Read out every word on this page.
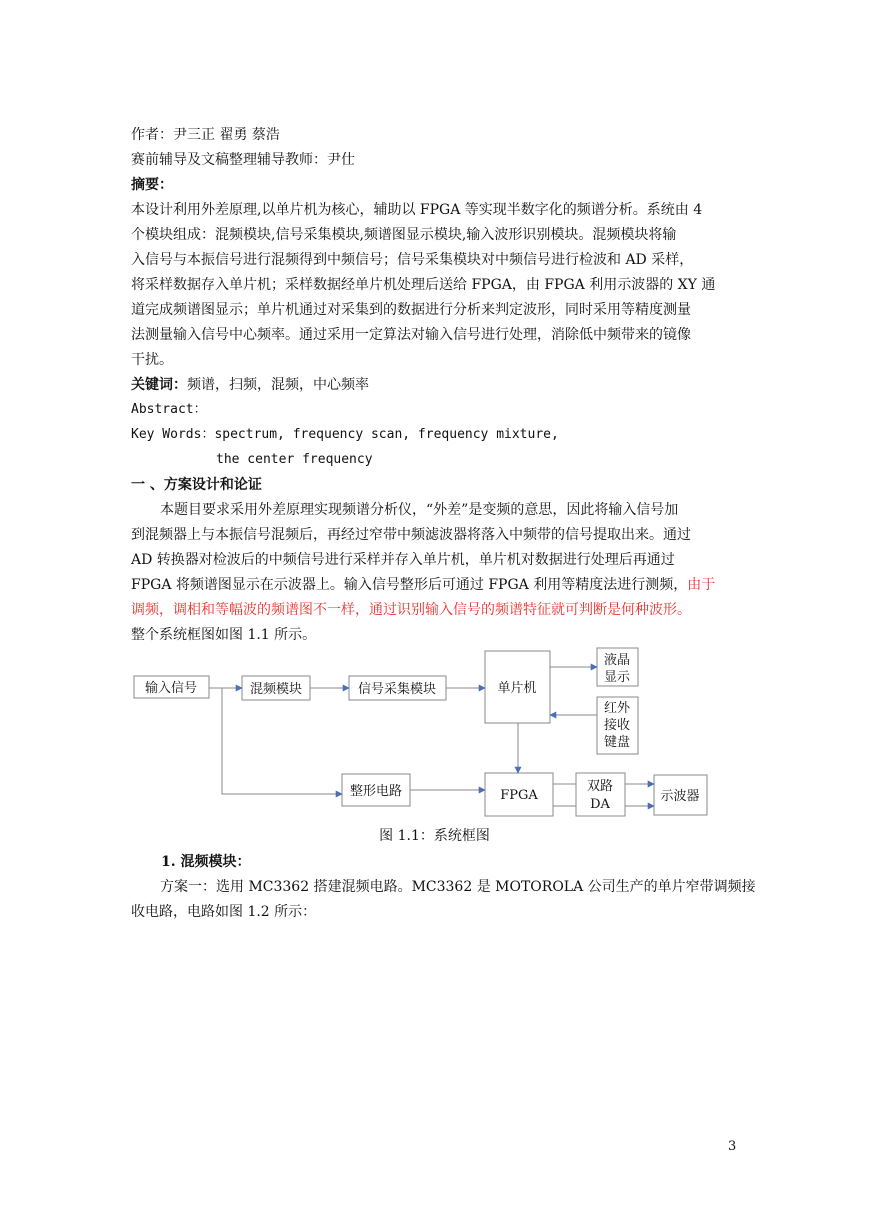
作者：尹三正 翟勇 蔡浩
赛前辅导及文稿整理辅导教师：尹仕
摘要：
本设计利用外差原理,以单片机为核心，辅助以 FPGA 等实现半数字化的频谱分析。系统由 4
个模块组成：混频模块,信号采集模块,频谱图显示模块,输入波形识别模块。混频模块将输
入信号与本振信号进行混频得到中频信号；信号采集模块对中频信号进行检波和 AD 采样，
将采样数据存入单片机；采样数据经单片机处理后送给 FPGA，由 FPGA 利用示波器的 XY 通
道完成频谱图显示；单片机通过对采集到的数据进行分析来判定波形，同时采用等精度测量
法测量输入信号中心频率。通过采用一定算法对输入信号进行处理，消除低中频带来的镜像
干扰。
关键词：频谱，扫频，混频，中心频率
Abstract：
Key Words：spectrum, frequency scan, frequency mixture,
the center frequency
一 、方案设计和论证
本题目要求采用外差原理实现频谱分析仪，“外差”是变频的意思，因此将输入信号加
到混频器上与本振信号混频后，再经过窄带中频滤波器将落入中频带的信号提取出来。通过
AD 转换器对检波后的中频信号进行采样并存入单片机，单片机对数据进行处理后再通过
FPGA 将频谱图显示在示波器上。输入信号整形后可通过 FPGA 利用等精度法进行测频，由于
调频，调相和等幅波的频谱图不一样，通过识别输入信号的频谱特征就可判断是何种波形。
整个系统框图如图 1.1 所示。
输入信号	混频模块	信号采集模块	单片机
液晶
显示
红外
接收
键盘
整形电路	FPGA
双路
DA
示波器
图 1.1：系统框图
1. 混频模块：
方案一：选用 MC3362 搭建混频电路。MC3362 是 MOTOROLA 公司生产的单片窄带调频接
收电路，电路如图 1.2 所示：
3
